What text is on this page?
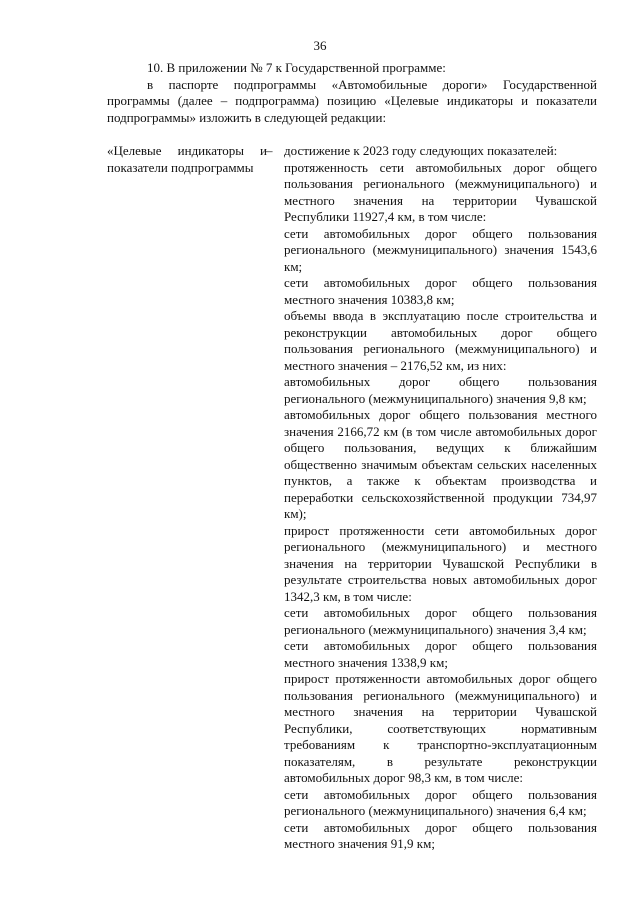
36

10. В приложении № 7 к Государственной программе:

в паспорте подпрограммы «Автомобильные дороги» Государственной программы (далее – подпрограмма) позицию «Целевые индикаторы и показатели подпрограммы» изложить в следующей редакции:

«Целевые индикаторы и показатели подпрограммы
– достижение к 2023 году следующих показателей:

протяженность сети автомобильных дорог общего пользования регионального (межмуниципального) и местного значения на территории Чувашской Республики 11927,4 км, в том числе:

сети автомобильных дорог общего пользования регионального (межмуниципального) значения 1543,6 км;

сети автомобильных дорог общего пользования местного значения 10383,8 км;

объемы ввода в эксплуатацию после строительства и реконструкции автомобильных дорог общего пользования регионального (межмуниципального) и местного значения – 2176,52 км, из них:

автомобильных дорог общего пользования регионального (межмуниципального) значения 9,8 км;

автомобильных дорог общего пользования местного значения 2166,72 км (в том числе автомобильных дорог общего пользования, ведущих к ближайшим общественно значимым объектам сельских населенных пунктов, а также к объектам производства и переработки сельскохозяйственной продукции 734,97 км);

прирост протяженности сети автомобильных дорог регионального (межмуниципального) и местного значения на территории Чувашской Республики в результате строительства новых автомобильных дорог 1342,3 км, в том числе:

сети автомобильных дорог общего пользования регионального (межмуниципального) значения 3,4 км;

сети автомобильных дорог общего пользования местного значения 1338,9 км;

прирост протяженности автомобильных дорог общего пользования регионального (межмуниципального) и местного значения на территории Чувашской Республики, соответствующих нормативным требованиям к транспортно-эксплуатационным показателям, в результате реконструкции автомобильных дорог 98,3 км, в том числе:

сети автомобильных дорог общего пользования регионального (межмуниципального) значения 6,4 км;

сети автомобильных дорог общего пользования местного значения 91,9 км;
